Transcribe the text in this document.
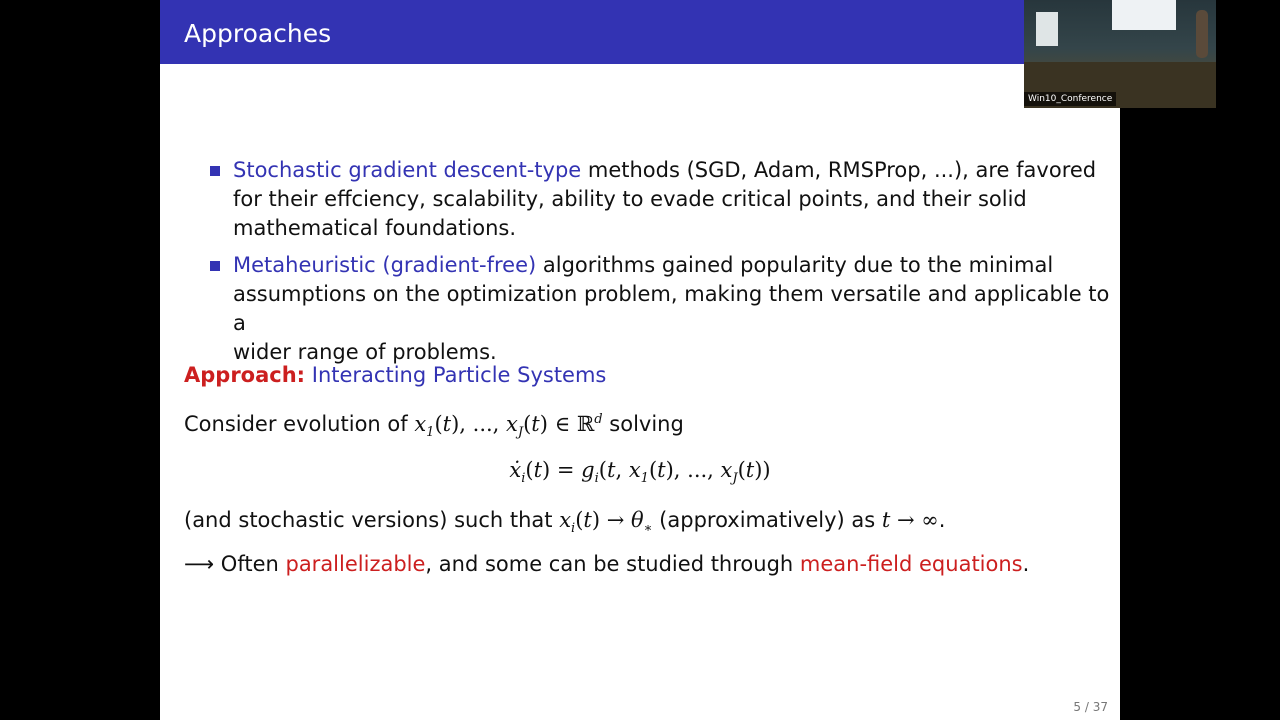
Approaches
Stochastic gradient descent-type methods (SGD, Adam, RMSProp, ...), are favored
for their effciency, scalability, ability to evade critical points, and their solid
mathematical foundations.
Metaheuristic (gradient-free) algorithms gained popularity due to the minimal
assumptions on the optimization problem, making them versatile and applicable to a
wider range of problems.
Approach: Interacting Particle Systems
Consider evolution of $x_1(t)$, ..., $x_J(t)$ ∈ ℝ$^d$ solving
ẋ$_i$(t) = $g_i(t$, $x_1(t)$, ..., $x_J(t)$)
(and stochastic versions) such that $x_i(t) \to \theta_∗$ (approximatively) as t → ∞.
⟶ Often parallelizable, and some can be studied through mean-field equations.
5 / 37
Win10_Conference
